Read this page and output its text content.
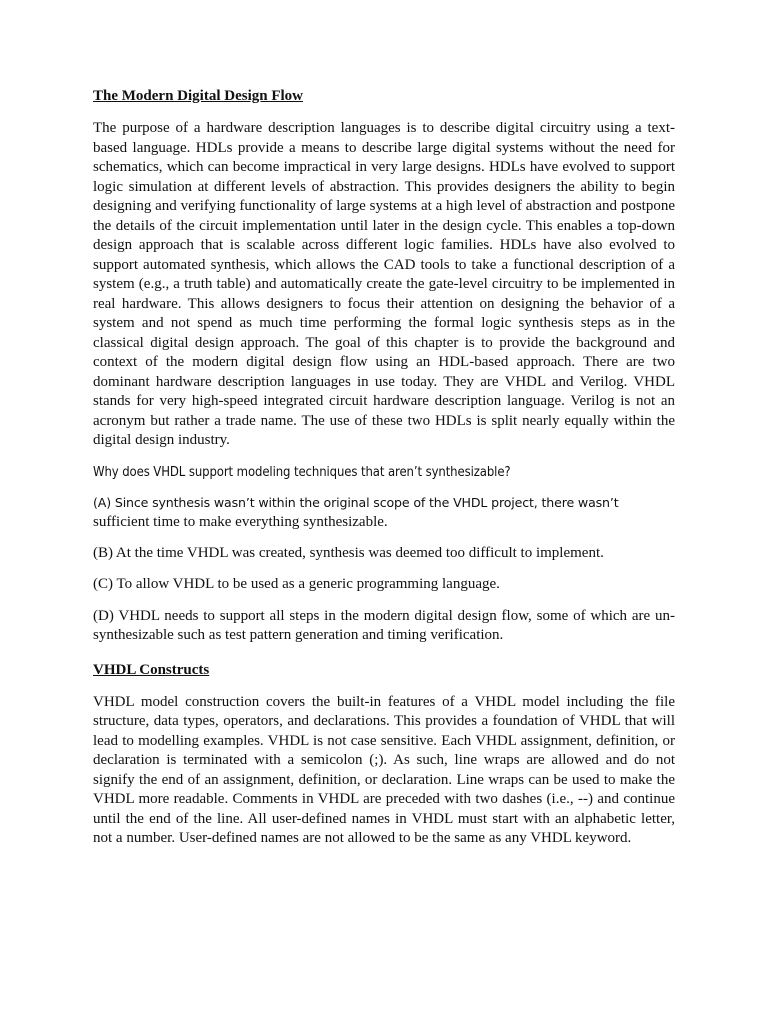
The Modern Digital Design Flow

The purpose of a hardware description languages is to describe digital circuitry using a text-based language. HDLs provide a means to describe large digital systems without the need for schematics, which can become impractical in very large designs. HDLs have evolved to support logic simulation at different levels of abstraction. This provides designers the ability to begin designing and verifying functionality of large systems at a high level of abstraction and postpone the details of the circuit implementation until later in the design cycle. This enables a top-down design approach that is scalable across different logic families. HDLs have also evolved to support automated synthesis, which allows the CAD tools to take a functional description of a system (e.g., a truth table) and automatically create the gate-level circuitry to be implemented in real hardware. This allows designers to focus their attention on designing the behavior of a system and not spend as much time performing the formal logic synthesis steps as in the classical digital design approach. The goal of this chapter is to provide the background and context of the modern digital design flow using an HDL-based approach. There are two dominant hardware description languages in use today. They are VHDL and Verilog. VHDL stands for very high-speed integrated circuit hardware description language. Verilog is not an acronym but rather a trade name. The use of these two HDLs is split nearly equally within the digital design industry.

Why does VHDL support modeling techniques that aren’t synthesizable?

(A) Since synthesis wasn’t within the original scope of the VHDL project, there wasn’t
sufficient time to make everything synthesizable.

(B) At the time VHDL was created, synthesis was deemed too difficult to implement.

(C) To allow VHDL to be used as a generic programming language.

(D) VHDL needs to support all steps in the modern digital design flow, some of which are un-synthesizable such as test pattern generation and timing verification.

VHDL Constructs

VHDL model construction covers the built-in features of a VHDL model including the file structure, data types, operators, and declarations. This provides a foundation of VHDL that will lead to modelling examples. VHDL is not case sensitive. Each VHDL assignment, definition, or declaration is terminated with a semicolon (;). As such, line wraps are allowed and do not signify the end of an assignment, definition, or declaration. Line wraps can be used to make the VHDL more readable. Comments in VHDL are preceded with two dashes (i.e., --) and continue until the end of the line. All user-defined names in VHDL must start with an alphabetic letter, not a number. User-defined names are not allowed to be the same as any VHDL keyword.
